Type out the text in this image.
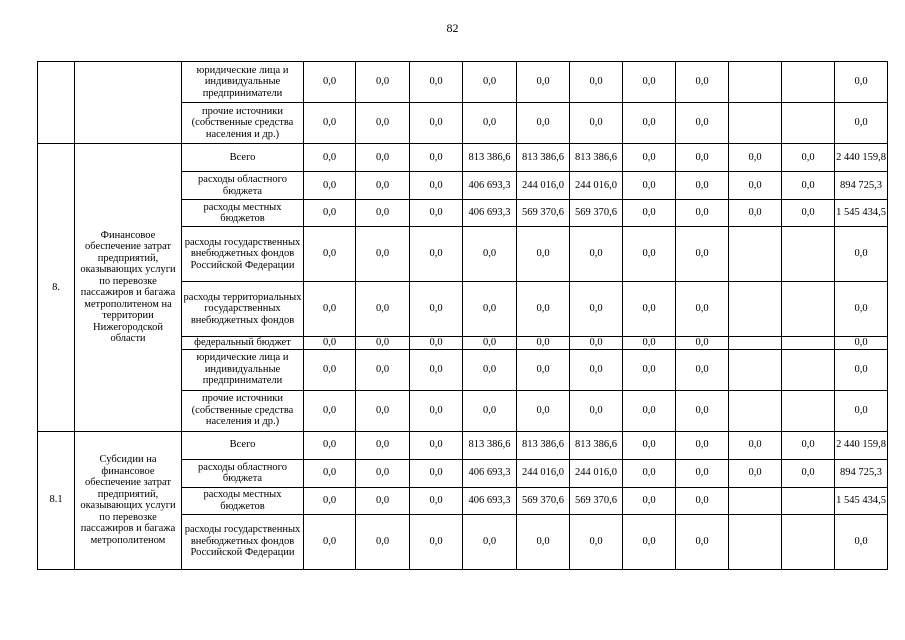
82
		юридические лица и индивидуальные предприниматели	0,0	0,0	0,0	0,0	0,0	0,0	0,0	0,0			0,0
		прочие источники (собственные средства населения и др.)	0,0	0,0	0,0	0,0	0,0	0,0	0,0	0,0			0,0
8.	Финансовое обеспечение затрат предприятий, оказывающих услуги по перевозке пассажиров и багажа метрополитеном на территории Нижегородской области	Всего	0,0	0,0	0,0	813 386,6	813 386,6	813 386,6	0,0	0,0	0,0	0,0	2 440 159,8
		расходы областного бюджета	0,0	0,0	0,0	406 693,3	244 016,0	244 016,0	0,0	0,0	0,0	0,0	894 725,3
		расходы местных бюджетов	0,0	0,0	0,0	406 693,3	569 370,6	569 370,6	0,0	0,0	0,0	0,0	1 545 434,5
		расходы государственных внебюджетных фондов Российской Федерации	0,0	0,0	0,0	0,0	0,0	0,0	0,0	0,0			0,0
		расходы территориальных государственных внебюджетных фондов	0,0	0,0	0,0	0,0	0,0	0,0	0,0	0,0			0,0
		федеральный бюджет	0,0	0,0	0,0	0,0	0,0	0,0	0,0	0,0			0,0
		юридические лица и индивидуальные предприниматели	0,0	0,0	0,0	0,0	0,0	0,0	0,0	0,0			0,0
		прочие источники (собственные средства населения и др.)	0,0	0,0	0,0	0,0	0,0	0,0	0,0	0,0			0,0
8.1	Субсидии на финансовое обеспечение затрат предприятий, оказывающих услуги по перевозке пассажиров и багажа метрополитеном	Всего	0,0	0,0	0,0	813 386,6	813 386,6	813 386,6	0,0	0,0	0,0	0,0	2 440 159,8
		расходы областного бюджета	0,0	0,0	0,0	406 693,3	244 016,0	244 016,0	0,0	0,0	0,0	0,0	894 725,3
		расходы местных бюджетов	0,0	0,0	0,0	406 693,3	569 370,6	569 370,6	0,0	0,0			1 545 434,5
		расходы государственных внебюджетных фондов Российской Федерации	0,0	0,0	0,0	0,0	0,0	0,0	0,0	0,0			0,0
